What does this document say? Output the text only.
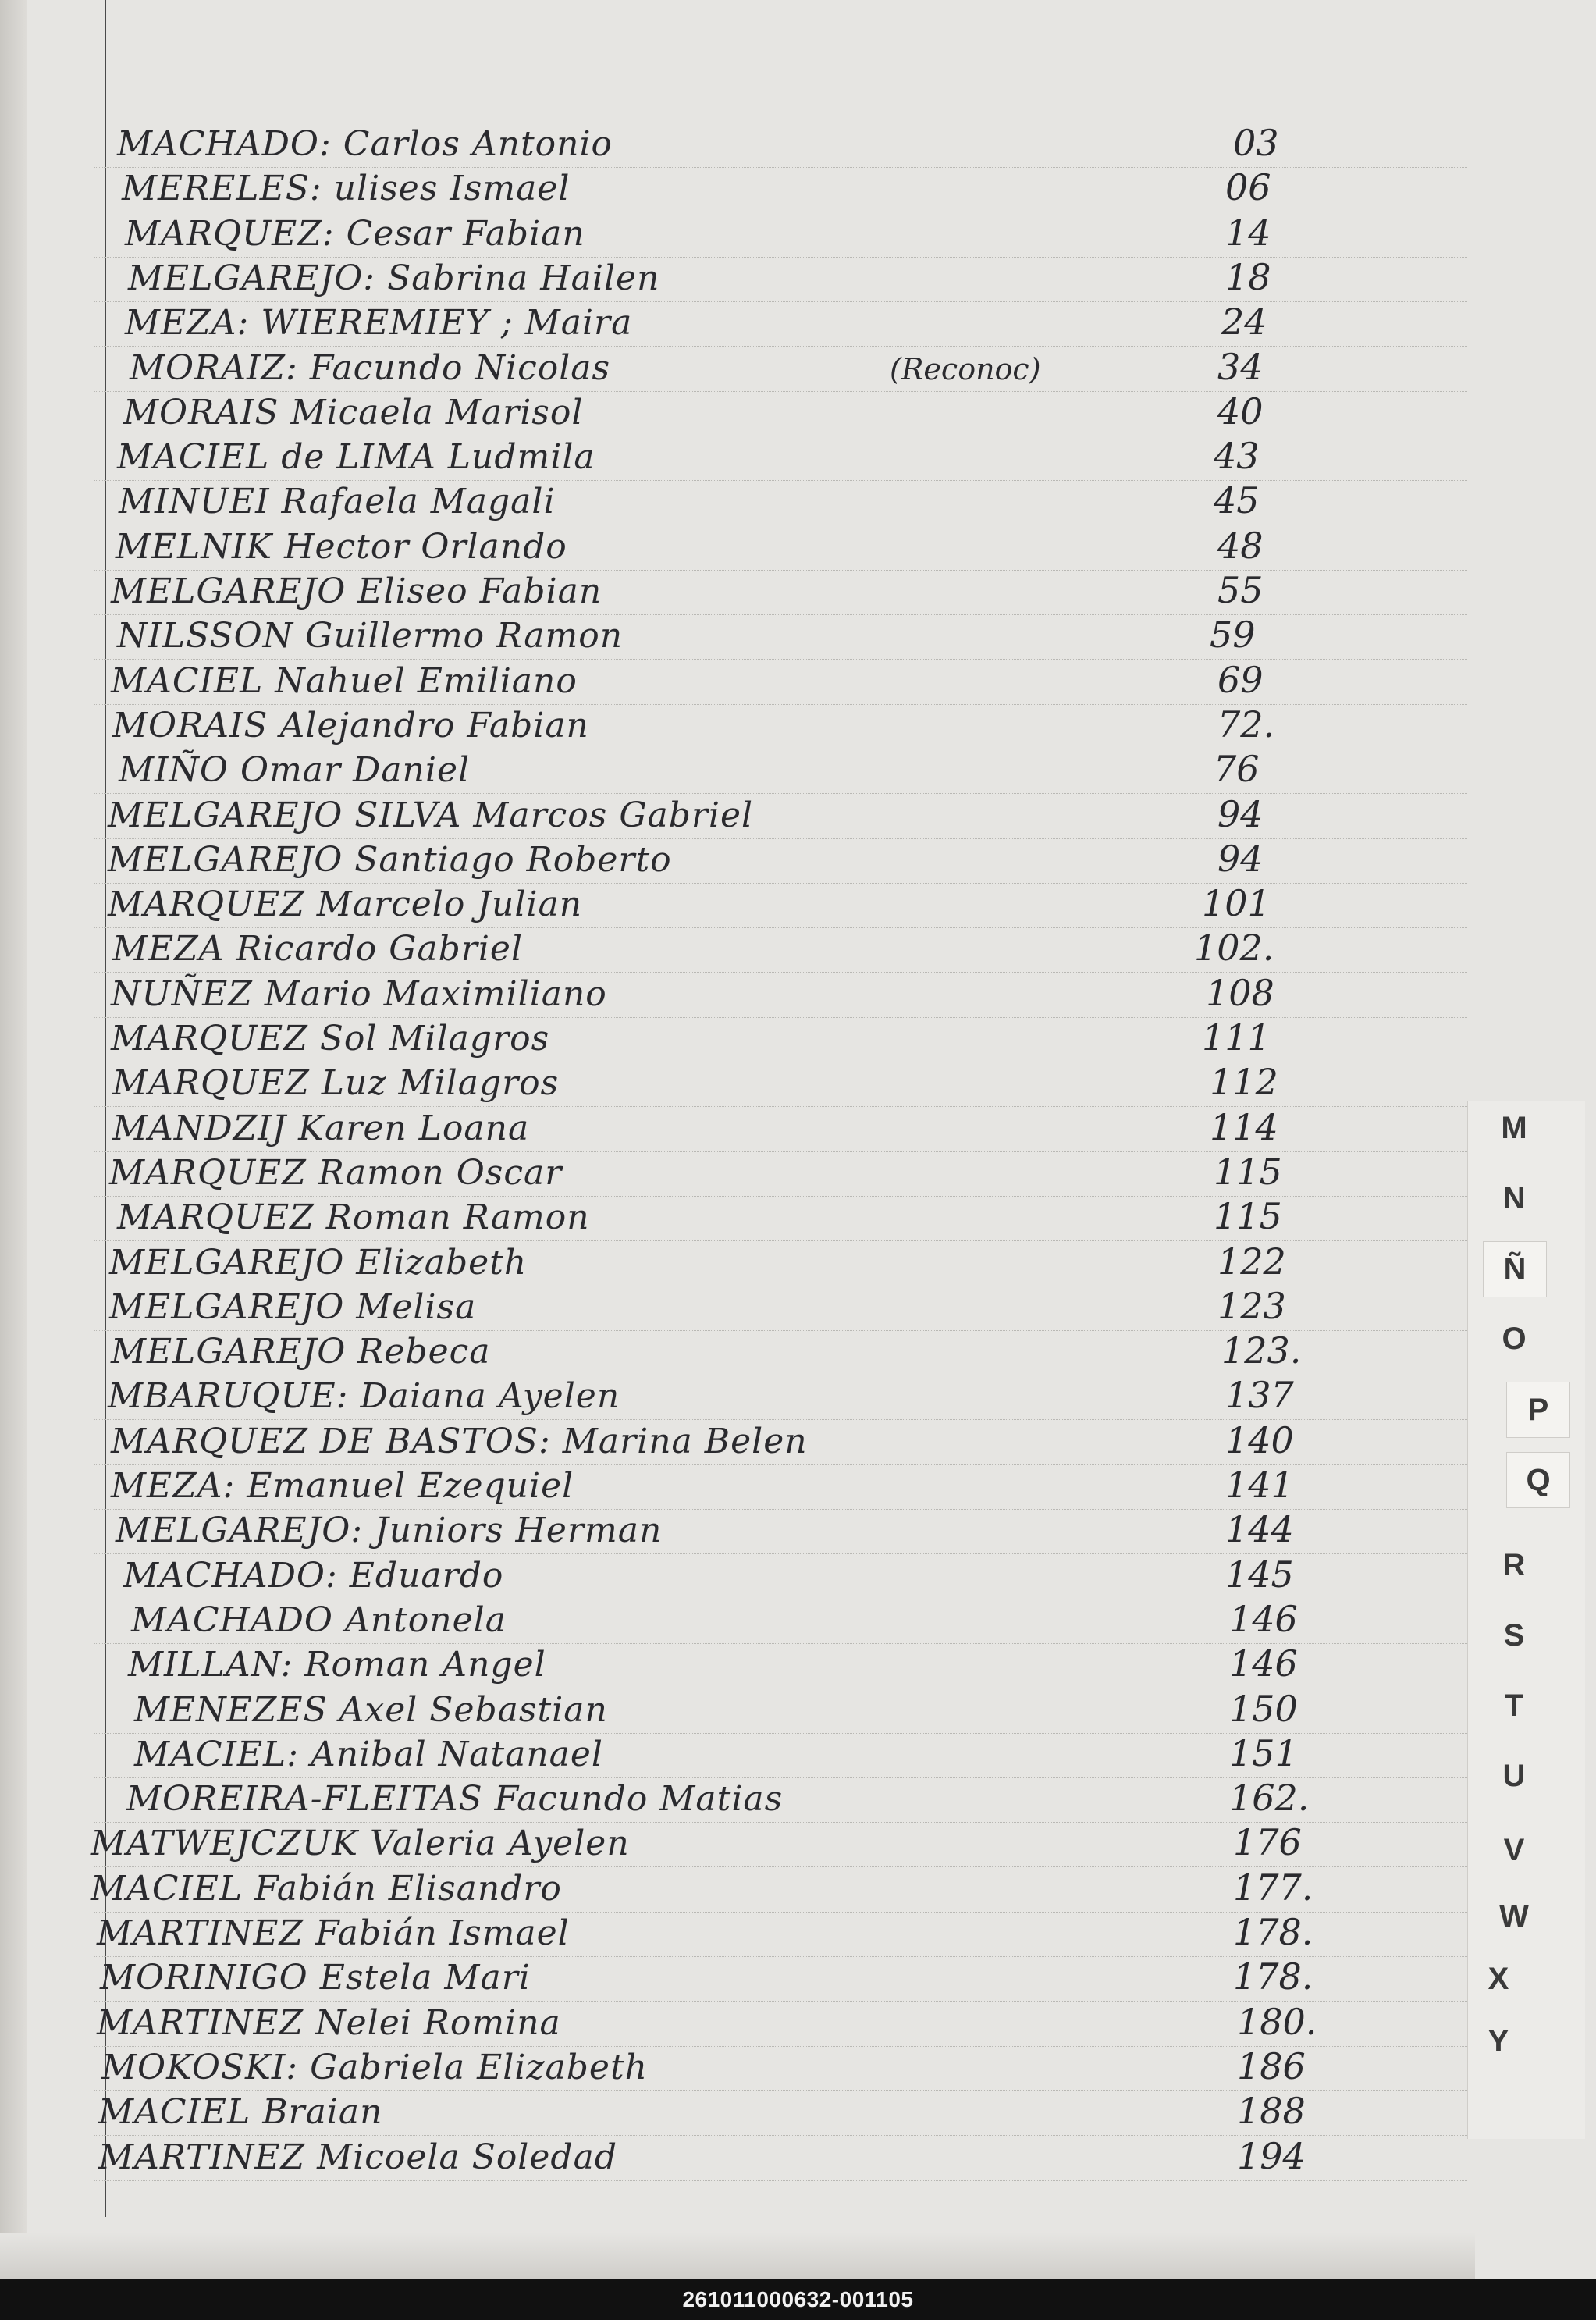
MACHADO: Carlos Antonio	03
MERELES: ulises Ismael	06
MARQUEZ: Cesar Fabian	14
MELGAREJO: Sabrina Hailen	18
MEZA: WIEREMIEY ; Maira	24
MORAIZ: Facundo Nicolas	(Reconoc)	34
MORAIS Micaela Marisol	40
MACIEL de LIMA Ludmila	43
MINUEI Rafaela Magali	45
MELNIK Hector Orlando	48
MELGAREJO Eliseo Fabian	55
NILSSON Guillermo Ramon	59
MACIEL Nahuel Emiliano	69
MORAIS Alejandro Fabian	72.
MIÑO Omar Daniel	76
MELGAREJO SILVA Marcos Gabriel	94
MELGAREJO Santiago Roberto	94
MARQUEZ Marcelo Julian	101
MEZA Ricardo Gabriel	102.
NUÑEZ Mario Maximiliano	108
MARQUEZ Sol Milagros	111
MARQUEZ Luz Milagros	112
MANDZIJ Karen Loana	114
MARQUEZ Ramon Oscar	115
MARQUEZ Roman Ramon	115
MELGAREJO Elizabeth	122
MELGAREJO Melisa	123
MELGAREJO Rebeca	123.
MBARUQUE: Daiana Ayelen	137
MARQUEZ DE BASTOS: Marina Belen	140
MEZA: Emanuel Ezequiel	141
MELGAREJO: Juniors Herman	144
MACHADO: Eduardo	145
MACHADO Antonela	146
MILLAN: Roman Angel	146
MENEZES Axel Sebastian	150
MACIEL: Anibal Natanael	151
MOREIRA-FLEITAS Facundo Matias	162.
MATWEJCZUK Valeria Ayelen	176
MACIEL Fabián Elisandro	177.
MARTINEZ Fabián Ismael	178.
MORINIGO Estela Mari	178.
MARTINEZ Nelei Romina	180.
MOKOSKI: Gabriela Elizabeth	186
MACIEL Braian	188
MARTINEZ Micoela Soledad	194
M
N
Ñ
O
P
Q
R
S
T
U
V
W
X
Y
261011000632-001105
